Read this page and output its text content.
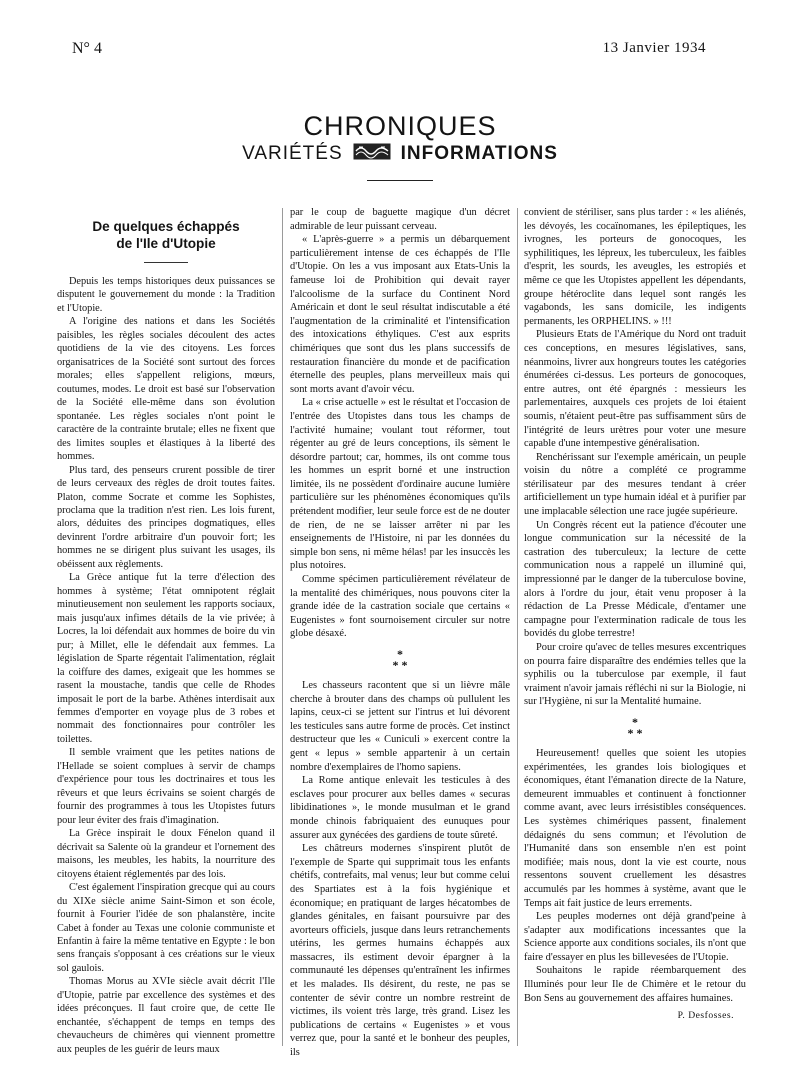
N° 4	13 Janvier 1934
CHRONIQUES
VARIÉTÉS	INFORMATIONS
De quelques échappés
de l'Ile d'Utopie

Depuis les temps historiques deux puissances se disputent le gouvernement du monde : la Tradition et l'Utopie.

A l'origine des nations et dans les Sociétés paisibles, les règles sociales découlent des actes quotidiens de la vie des citoyens. Les forces organisatrices de la Société sont surtout des forces morales; elles s'appellent religions, mœurs, coutumes, modes. Le droit est basé sur l'observation de la Société elle-même dans son évolution spontanée. Les règles sociales n'ont point le caractère de la contrainte brutale; elles ne fixent que des limites souples et élastiques à la liberté des hommes.

Plus tard, des penseurs crurent possible de tirer de leurs cerveaux des règles de droit toutes faites. Platon, comme Socrate et comme les Sophistes, proclama que la tradition n'est rien. Les lois furent, alors, déduites des principes dogmatiques, elles devinrent l'ordre arbitraire d'un pouvoir fort; les hommes ne se dirigent plus suivant les usages, ils obéissent aux règlements.

La Grèce antique fut la terre d'élection des hommes à système; l'état omnipotent réglait minutieusement non seulement les rapports sociaux, mais jusqu'aux infimes détails de la vie privée; à Locres, la loi défendait aux hommes de boire du vin pur; à Millet, elle le défendait aux femmes. La législation de Sparte régentait l'alimentation, réglait la coiffure des dames, exigeait que les hommes se rasent la moustache, tandis que celle de Rhodes imposait le port de la barbe. Athènes interdisait aux femmes d'emporter en voyage plus de 3 robes et nommait des fonctionnaires pour contrôler les toilettes.

Il semble vraiment que les petites nations de l'Hellade se soient complues à servir de champs d'expérience pour tous les doctrinaires et tous les rêveurs et que leurs écrivains se soient chargés de fournir des programmes à tous les Utopistes futurs pour leur éviter des frais d'imagination.

La Grèce inspirait le doux Fénelon quand il décrivait sa Salente où la grandeur et l'ornement des maisons, les meubles, les habits, la nourriture des citoyens étaient réglementés par des lois.

C'est également l'inspiration grecque qui au cours du XIXe siècle anime Saint-Simon et son école, fournit à Fourier l'idée de son phalanstère, incite Cabet à fonder au Texas une colonie communiste et Enfantin à faire la même tentative en Egypte : le bon sens français s'opposant à ces créations sur le vieux sol gaulois.

Thomas Morus au XVIe siècle avait décrit l'Ile d'Utopie, patrie par excellence des systèmes et des idées préconçues. Il faut croire que, de cette Ile enchantée, s'échappent de temps en temps des chevaucheurs de chimères qui viennent promettre aux peuples de les guérir de leurs maux

par le coup de baguette magique d'un décret admirable de leur puissant cerveau.

« L'après-guerre » a permis un débarquement particulièrement intense de ces échappés de l'Ile d'Utopie. On les a vus imposant aux Etats-Unis la fameuse loi de Prohibition qui devait rayer l'alcoolisme de la surface du Continent Nord Américain et dont le seul résultat indiscutable a été l'augmentation de la criminalité et l'intensification des intoxications éthyliques. C'est aux esprits chimériques que sont dus les plans successifs de restauration financière du monde et de pacification éternelle des peuples, plans merveilleux mais qui sont morts avant d'avoir vécu.

La « crise actuelle » est le résultat et l'occasion de l'entrée des Utopistes dans tous les champs de l'activité humaine; voulant tout réformer, tout régenter au gré de leurs conceptions, ils sèment le désordre partout; car, hommes, ils ont comme tous les hommes un esprit borné et une instruction limitée, ils ne possèdent d'ordinaire aucune lumière particulière sur les phénomènes économiques qu'ils prétendent modifier, leur seule force est de ne douter de rien, de ne se laisser arrêter ni par les enseignements de l'Histoire, ni par les données du simple bon sens, ni même hélas! par les insuccès les plus notoires.

Comme spécimen particulièrement révélateur de la mentalité des chimériques, nous pouvons citer la grande idée de la castration sociale que certains « Eugenistes » font sournoisement circuler sur notre globe désaxé.

*
* *

Les chasseurs racontent que si un lièvre mâle cherche à brouter dans des champs où pullulent les lapins, ceux-ci se jettent sur l'intrus et lui dévorent les testicules sans autre forme de procès. Cet instinct destructeur que les « Cuniculi » exercent contre la gent « lepus » semble appartenir à un certain nombre d'exemplaires de l'homo sapiens.

La Rome antique enlevait les testicules à des esclaves pour procurer aux belles dames « securas libidinationes », le monde musulman et le grand monde chinois fabriquaient des eunuques pour assurer aux gynécées des gardiens de toute sûreté.

Les châtreurs modernes s'inspirent plutôt de l'exemple de Sparte qui supprimait tous les enfants chétifs, contrefaits, mal venus; leur but comme celui des Spartiates est à la fois hygiénique et économique; en pratiquant de larges hécatombes de glandes génitales, en faisant poursuivre par des avorteurs officiels, jusque dans leurs retranchements utérins, les germes humains échappés aux massacres, ils estiment devoir épargner à la communauté les dépenses qu'entraînent les infirmes et les malades. Ils désirent, du reste, ne pas se contenter de sévir contre un nombre restreint de victimes, ils voient très large, très grand. Lisez les publications de certains « Eugenistes » et vous verrez que, pour la santé et le bonheur des peuples, ils

convient de stériliser, sans plus tarder : « les aliénés, les dévoyés, les cocaïnomanes, les épileptiques, les ivrognes, les porteurs de gonocoques, les syphilitiques, les lépreux, les tuberculeux, les faibles d'esprit, les sourds, les aveugles, les estropiés et même ce que les Utopistes appellent les dépendants, groupe hétéroclite dans lequel sont rangés les vagabonds, les sans domicile, les indigents permanents, les ORPHELINS. » !!!

Plusieurs Etats de l'Amérique du Nord ont traduit ces conceptions, en mesures législatives, sans, néanmoins, livrer aux hongreurs toutes les catégories énumérées ci-dessus. Les porteurs de gonocoques, entre autres, ont été épargnés : messieurs les parlementaires, auxquels ces projets de loi étaient soumis, n'étaient peut-être pas suffisamment sûrs de l'intégrité de leurs urètres pour voter une mesure capable d'une intempestive généralisation.

Renchérissant sur l'exemple américain, un peuple voisin du nôtre a complété ce programme stérilisateur par des mesures tendant à créer artificiellement un type humain idéal et à purifier par une implacable sélection une race jugée supérieure.

Un Congrès récent eut la patience d'écouter une longue communication sur la nécessité de la castration des tuberculeux; la lecture de cette communication nous a rappelé un illuminé qui, impressionné par le danger de la tuberculose bovine, alors à l'ordre du jour, était venu proposer à la rédaction de La Presse Médicale, d'entamer une campagne pour l'extermination radicale de tous les bovidés du globe terrestre!

Pour croire qu'avec de telles mesures excentriques on pourra faire disparaître des endémies telles que la syphilis ou la tuberculose par exemple, il faut vraiment n'avoir jamais réfléchi ni sur la Biologie, ni sur l'Hygiène, ni sur la Mentalité humaine.

*
* *

Heureusement! quelles que soient les utopies expérimentées, les grandes lois biologiques et économiques, étant l'émanation directe de la Nature, demeurent immuables et continuent à fonctionner comme avant, avec leurs irrésistibles conséquences. Les systèmes chimériques passent, finalement dédaignés du sens commun; et l'évolution de l'Humanité dans son ensemble n'en est point modifiée; mais nous, dont la vie est courte, nous ressentons souvent cruellement les désastres accumulés par les hommes à système, avant que le Temps ait fait justice de leurs errements.

Les peuples modernes ont déjà grand'peine à s'adapter aux modifications incessantes que la Science apporte aux conditions sociales, ils n'ont que faire d'essayer en plus les billevesées de l'Utopie.

Souhaitons le rapide réembarquement des Illuminés pour leur Ile de Chimère et le retour du Bon Sens au gouvernement des affaires humaines.

P. Desfosses.
